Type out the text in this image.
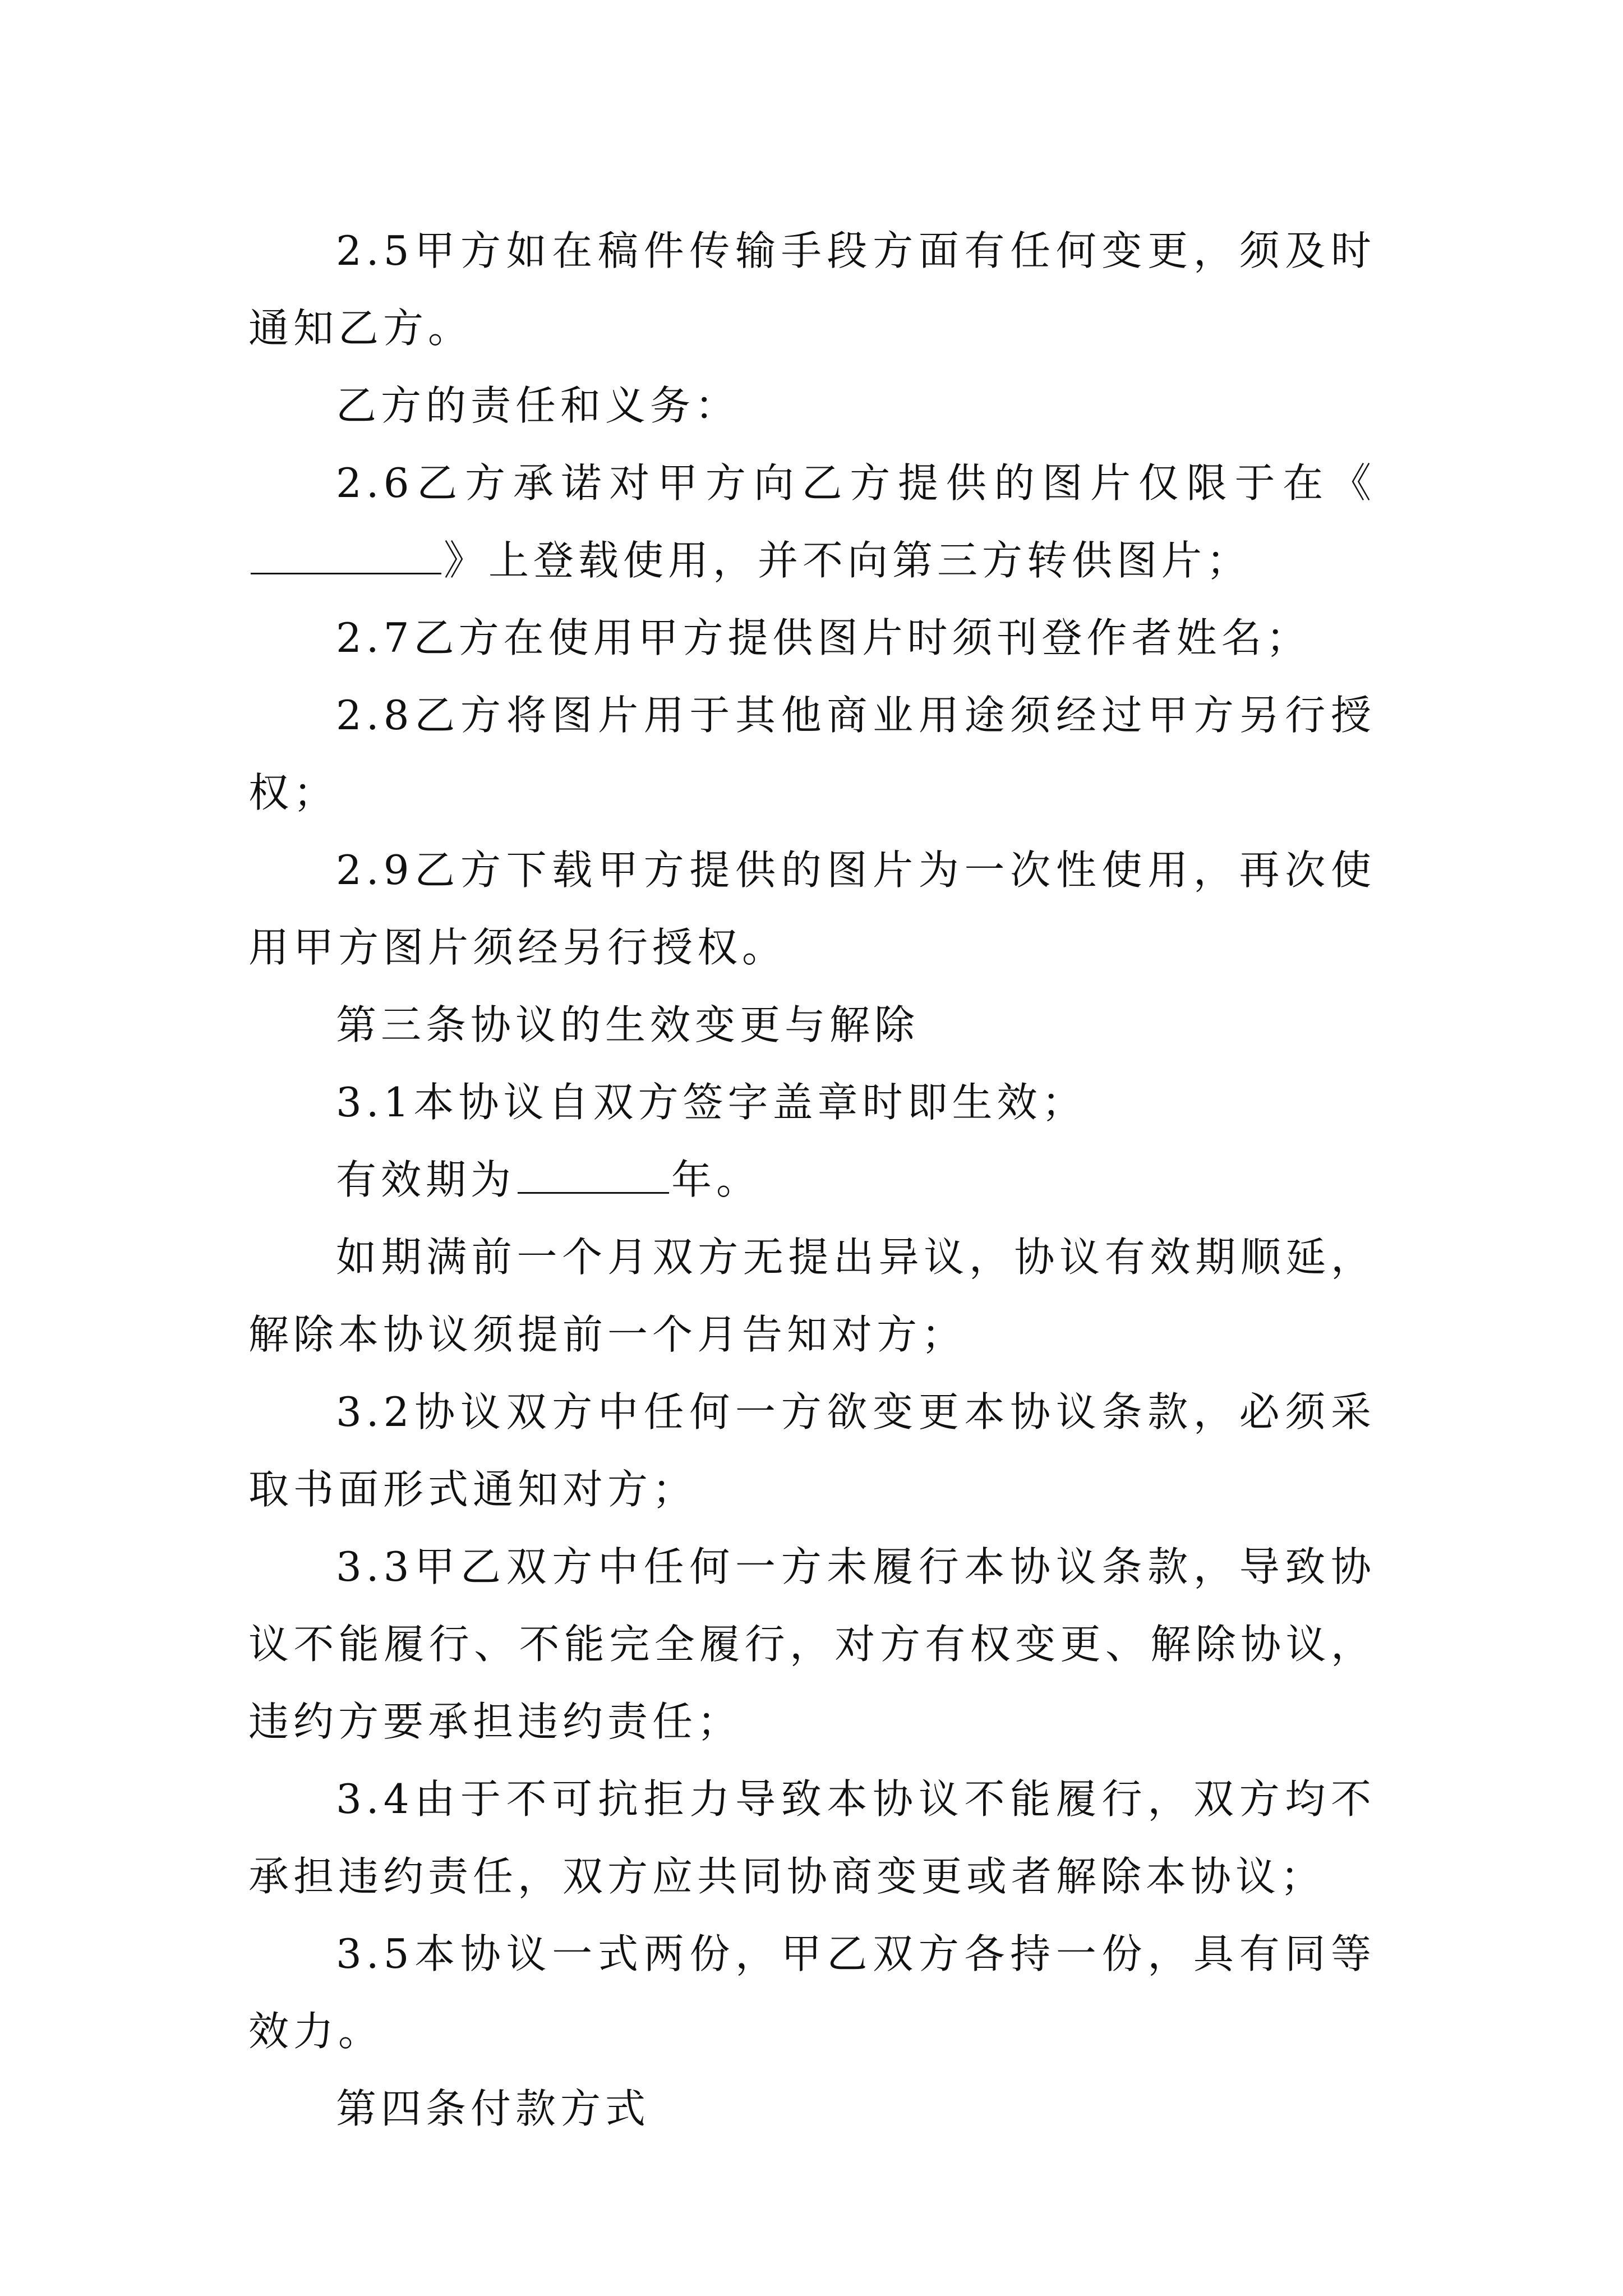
2.5甲方如在稿件传输手段方面有任何变更，须及时通知乙方。

乙方的责任和义务：

2.6乙方承诺对甲方向乙方提供的图片仅限于在《》上登载使用，并不向第三方转供图片；

2.7乙方在使用甲方提供图片时须刊登作者姓名；

2.8乙方将图片用于其他商业用途须经过甲方另行授权；

2.9乙方下载甲方提供的图片为一次性使用，再次使用甲方图片须经另行授权。

第三条协议的生效变更与解除

3.1本协议自双方签字盖章时即生效；

有效期为	年。

如期满前一个月双方无提出异议，协议有效期顺延，解除本协议须提前一个月告知对方；

3.2协议双方中任何一方欲变更本协议条款，必须采取书面形式通知对方；

3.3甲乙双方中任何一方未履行本协议条款，导致协议不能履行、不能完全履行，对方有权变更、解除协议，违约方要承担违约责任；

3.4由于不可抗拒力导致本协议不能履行，双方均不承担违约责任，双方应共同协商变更或者解除本协议；

3.5本协议一式两份，甲乙双方各持一份，具有同等效力。

第四条付款方式
